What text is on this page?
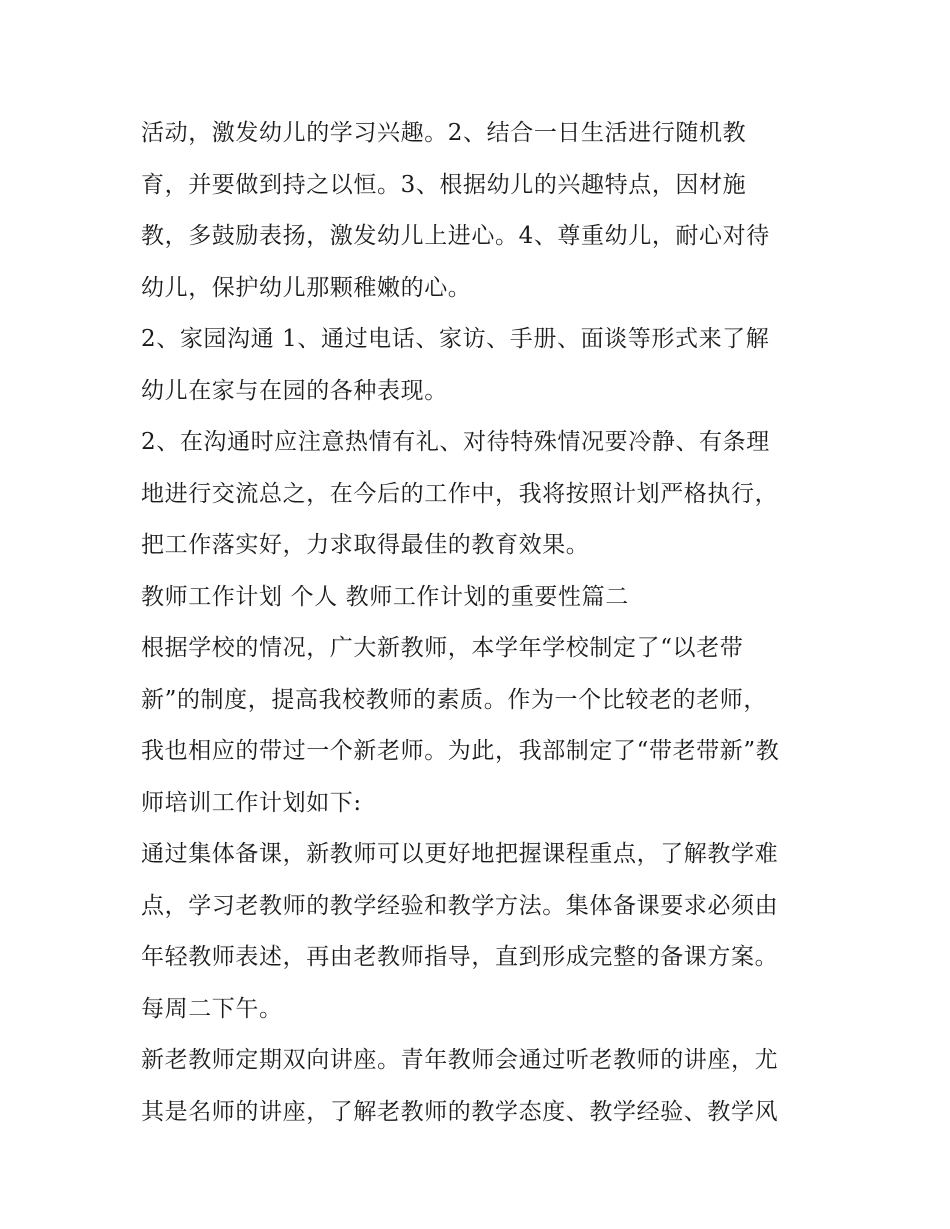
活动，激发幼儿的学习兴趣。2、结合一日生活进行随机教
育，并要做到持之以恒。3、根据幼儿的兴趣特点，因材施
教，多鼓励表扬，激发幼儿上进心。4、尊重幼儿，耐心对待
幼儿，保护幼儿那颗稚嫩的心。
2、家园沟通 1、通过电话、家访、手册、面谈等形式来了解
幼儿在家与在园的各种表现。
2、在沟通时应注意热情有礼、对待特殊情况要冷静、有条理
地进行交流总之，在今后的工作中，我将按照计划严格执行，
把工作落实好，力求取得最佳的教育效果。
教师工作计划 个人 教师工作计划的重要性篇二
根据学校的情况，广大新教师，本学年学校制定了“以老带
新”的制度，提高我校教师的素质。作为一个比较老的老师，
我也相应的带过一个新老师。为此，我部制定了“带老带新”教
师培训工作计划如下:
通过集体备课，新教师可以更好地把握课程重点，了解教学难
点，学习老教师的教学经验和教学方法。集体备课要求必须由
年轻教师表述，再由老教师指导，直到形成完整的备课方案。
每周二下午。
新老教师定期双向讲座。青年教师会通过听老教师的讲座，尤
其是名师的讲座，了解老教师的教学态度、教学经验、教学风
